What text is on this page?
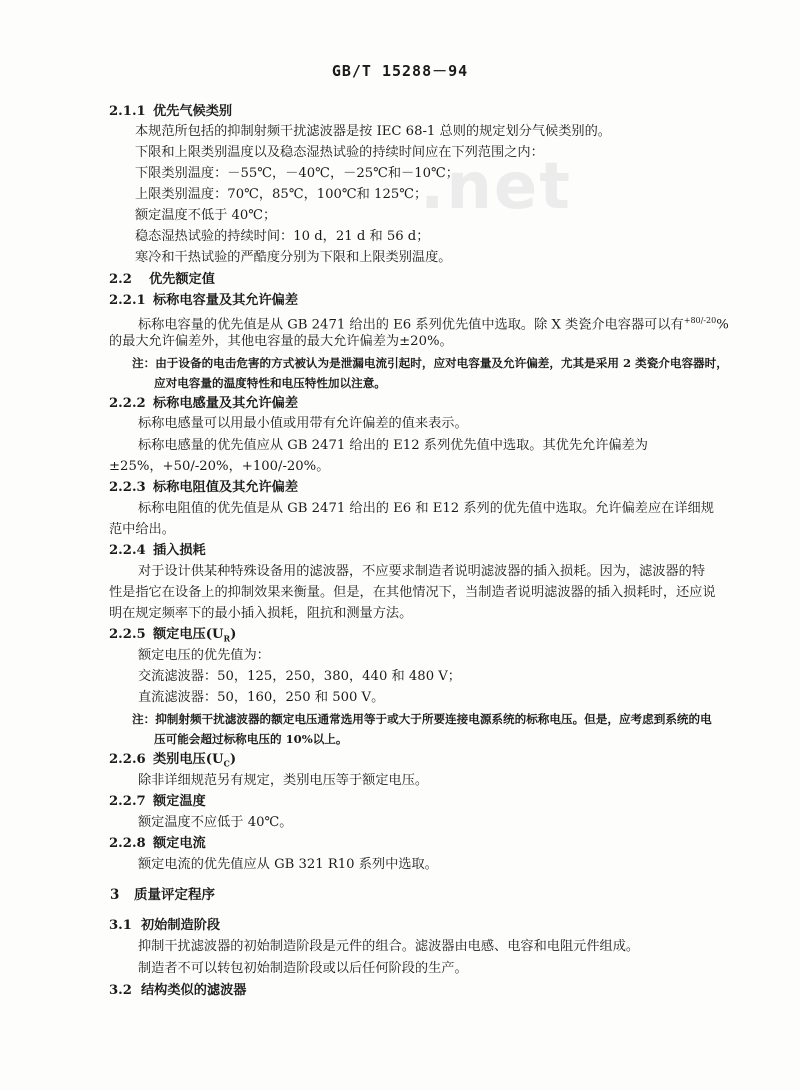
.net
GB/T 15288－94
2.1.1 优先气候类别
本规范所包括的抑制射频干扰滤波器是按 IEC 68-1 总则的规定划分气候类别的。
下限和上限类别温度以及稳态湿热试验的持续时间应在下列范围之内：
下限类别温度：－55℃，－40℃，－25℃和－10℃；
上限类别温度：70℃，85℃，100℃和 125℃；
额定温度不低于 40℃；
稳态湿热试验的持续时间：10 d，21 d 和 56 d；
寒冷和干热试验的严酷度分别为下限和上限类别温度。
2.2 优先额定值
2.2.1 标称电容量及其允许偏差
标称电容量的优先值是从 GB 2471 给出的 E6 系列优先值中选取。除 X 类瓷介电容器可以有$^{+80/-20}$%
的最大允许偏差外，其他电容量的最大允许偏差为±20%。
注：由于设备的电击危害的方式被认为是泄漏电流引起时，应对电容量及允许偏差，尤其是采用 2 类瓷介电容器时，
应对电容量的温度特性和电压特性加以注意。
2.2.2 标称电感量及其允许偏差
标称电感量可以用最小值或用带有允许偏差的值来表示。
标称电感量的优先值应从 GB 2471 给出的 E12 系列优先值中选取。其优先允许偏差为
±25%，+50/-20%，+100/-20%。
2.2.3 标称电阻值及其允许偏差
标称电阻值的优先值是从 GB 2471 给出的 E6 和 E12 系列的优先值中选取。允许偏差应在详细规
范中给出。
2.2.4 插入损耗
对于设计供某种特殊设备用的滤波器，不应要求制造者说明滤波器的插入损耗。因为，滤波器的特
性是指它在设备上的抑制效果来衡量。但是，在其他情况下，当制造者说明滤波器的插入损耗时，还应说
明在规定频率下的最小插入损耗，阻抗和测量方法。
2.2.5 额定电压$(U_R)$
额定电压的优先值为：
交流滤波器：50，125，250，380，440 和 480 V；
直流滤波器：50，160，250 和 500 V。
注：抑制射频干扰滤波器的额定电压通常选用等于或大于所要连接电源系统的标称电压。但是，应考虑到系统的电
压可能会超过标称电压的 10%以上。
2.2.6 类别电压$(U_C)$
除非详细规范另有规定，类别电压等于额定电压。
2.2.7 额定温度
额定温度不应低于 40℃。
2.2.8 额定电流
额定电流的优先值应从 GB 321 R10 系列中选取。
3 质量评定程序
3.1 初始制造阶段
抑制干扰滤波器的初始制造阶段是元件的组合。滤波器由电感、电容和电阻元件组成。
制造者不可以转包初始制造阶段或以后任何阶段的生产。
3.2 结构类似的滤波器
